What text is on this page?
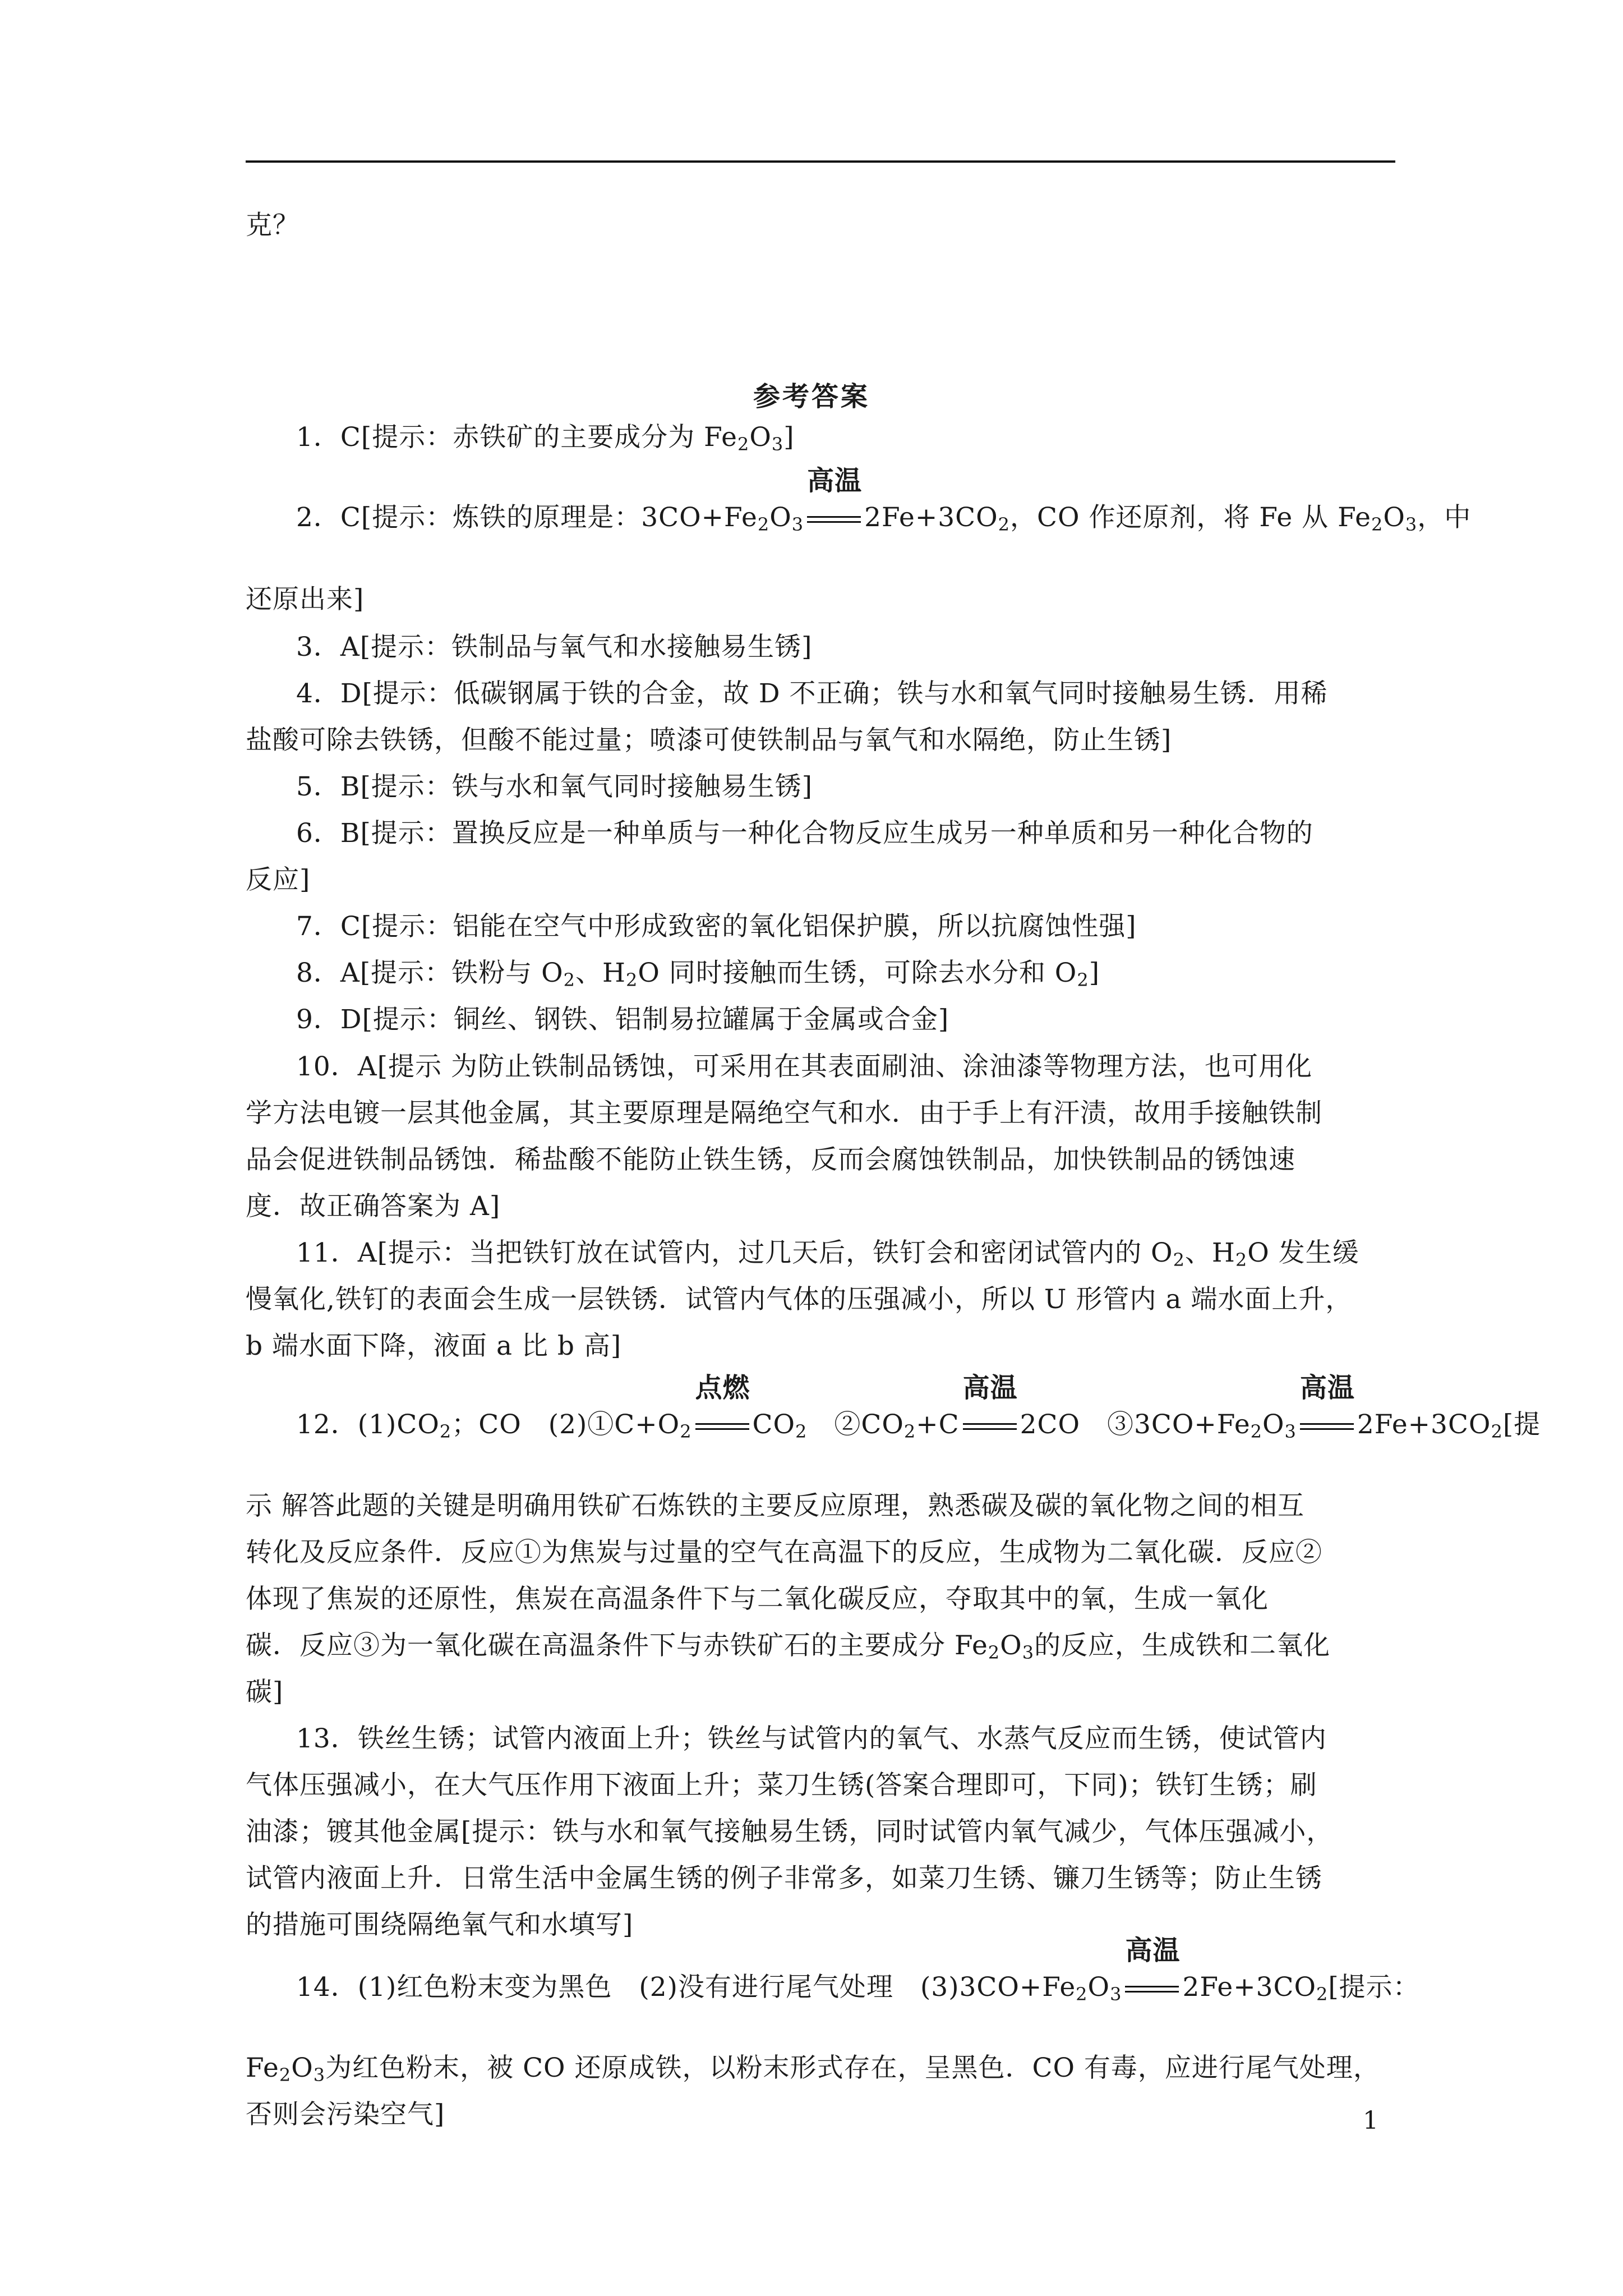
克？
参考答案
1．C[提示：赤铁矿的主要成分为 $Fe_2O_3$]
2．C[提示：炼铁的原理是：$3CO+Fe_2O_3$
高温
$2Fe+3CO_2$，CO 作还原剂，将 Fe 从 $Fe_2O_3$，中
还原出来]
3．A[提示：铁制品与氧气和水接触易生锈]
4．D[提示：低碳钢属于铁的合金，故 D 不正确；铁与水和氧气同时接触易生锈．用稀
盐酸可除去铁锈，但酸不能过量；喷漆可使铁制品与氧气和水隔绝，防止生锈]
5．B[提示：铁与水和氧气同时接触易生锈]
6．B[提示：置换反应是一种单质与一种化合物反应生成另一种单质和另一种化合物的
反应]
7．C[提示：铝能在空气中形成致密的氧化铝保护膜，所以抗腐蚀性强]
8．A[提示：铁粉与 $O_2$、$H_2O$ 同时接触而生锈，可除去水分和 $O_2$]
9．D[提示：铜丝、钢铁、铝制易拉罐属于金属或合金]
10．A[提示 为防止铁制品锈蚀，可采用在其表面刷油、涂油漆等物理方法，也可用化
学方法电镀一层其他金属，其主要原理是隔绝空气和水．由于手上有汗渍，故用手接触铁制
品会促进铁制品锈蚀．稀盐酸不能防止铁生锈，反而会腐蚀铁制品，加快铁制品的锈蚀速
度．故正确答案为 A]
11．A[提示：当把铁钉放在试管内，过几天后，铁钉会和密闭试管内的 $O_2$、$H_2O$ 发生缓
慢氧化,铁钉的表面会生成一层铁锈．试管内气体的压强减小，所以 U 形管内 a 端水面上升，
b 端水面下降，液面 a 比 b 高]
12．$(1)CO_2$；CO　$(2)①C+O_2$
点燃
$CO_2$　$②CO_2+C$
高温
2CO　$③3CO+Fe_2O_3$
高温
$2Fe+3CO_2$[提
示 解答此题的关键是明确用铁矿石炼铁的主要反应原理，熟悉碳及碳的氧化物之间的相互
转化及反应条件．反应①为焦炭与过量的空气在高温下的反应，生成物为二氧化碳．反应②
体现了焦炭的还原性，焦炭在高温条件下与二氧化碳反应，夺取其中的氧，生成一氧化
碳．反应③为一氧化碳在高温条件下与赤铁矿石的主要成分 $Fe_2O_3$的反应，生成铁和二氧化
碳]
13．铁丝生锈；试管内液面上升；铁丝与试管内的氧气、水蒸气反应而生锈，使试管内
气体压强减小，在大气压作用下液面上升；菜刀生锈(答案合理即可，下同)；铁钉生锈；刷
油漆；镀其他金属[提示：铁与水和氧气接触易生锈，同时试管内氧气减少，气体压强减小，
试管内液面上升．日常生活中金属生锈的例子非常多，如菜刀生锈、镰刀生锈等；防止生锈
的措施可围绕隔绝氧气和水填写]
14．(1)红色粉末变为黑色　(2)没有进行尾气处理　$(3)3CO+Fe_2O_3$
高温
$2Fe+3CO_2$[提示：
$Fe_2O_3$为红色粉末，被 CO 还原成铁，以粉末形式存在，呈黑色．CO 有毒，应进行尾气处理，
否则会污染空气]	1
